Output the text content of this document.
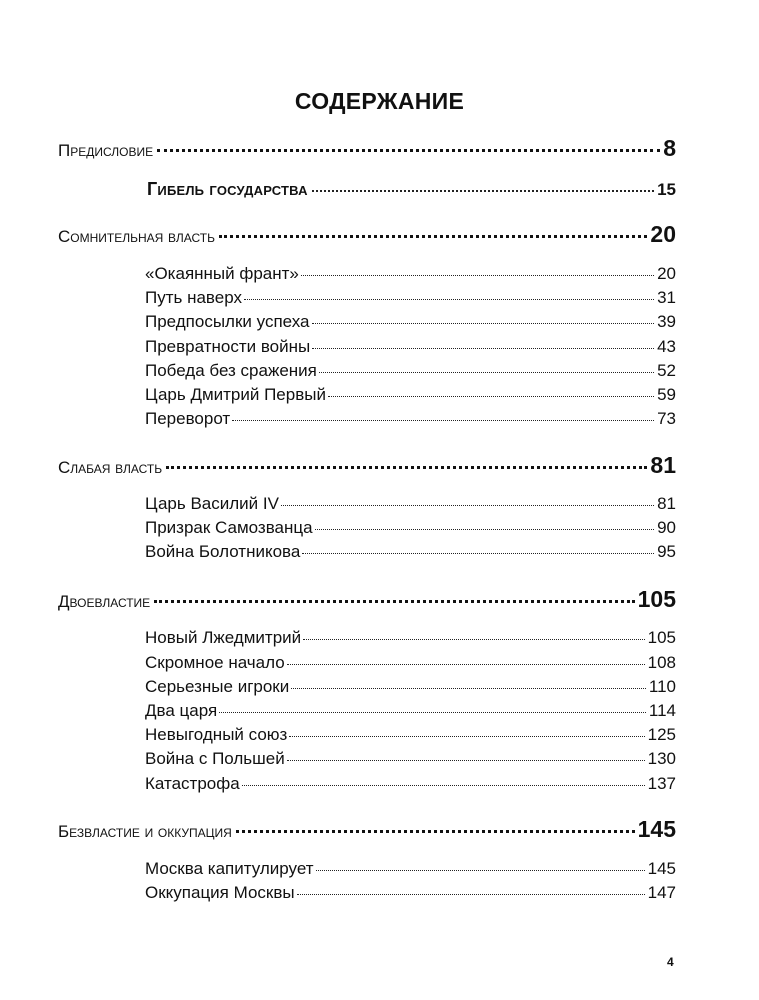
СОДЕРЖАНИЕ
Предисловие	8
Гибель государства	15
Сомнительная власть	20
«Окаянный франт»	20
Путь наверх	31
Предпосылки успеха	39
Превратности войны	43
Победа без сражения	52
Царь Дмитрий Первый	59
Переворот	73
Слабая власть	81
Царь Василий IV	81
Призрак Самозванца	90
Война Болотникова	95
Двоевластие	105
Новый Лжедмитрий	105
Скромное начало	108
Серьезные игроки	110
Два царя	114
Невыгодный союз	125
Война с Польшей	130
Катастрофа	137
Безвластие и оккупация	145
Москва капитулирует	145
Оккупация Москвы	147
4
